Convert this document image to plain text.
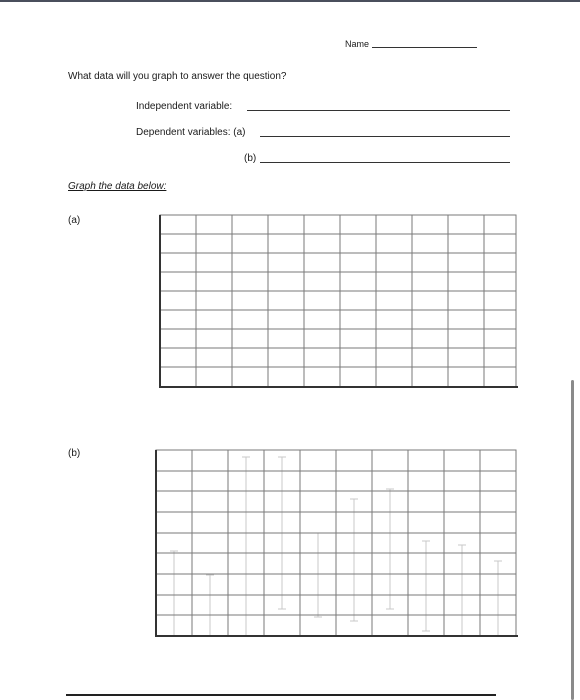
Name
What data will you graph to answer the question?
Independent variable:
Dependent variables: (a)
(b)
Graph the data below:
(a)
(b)
